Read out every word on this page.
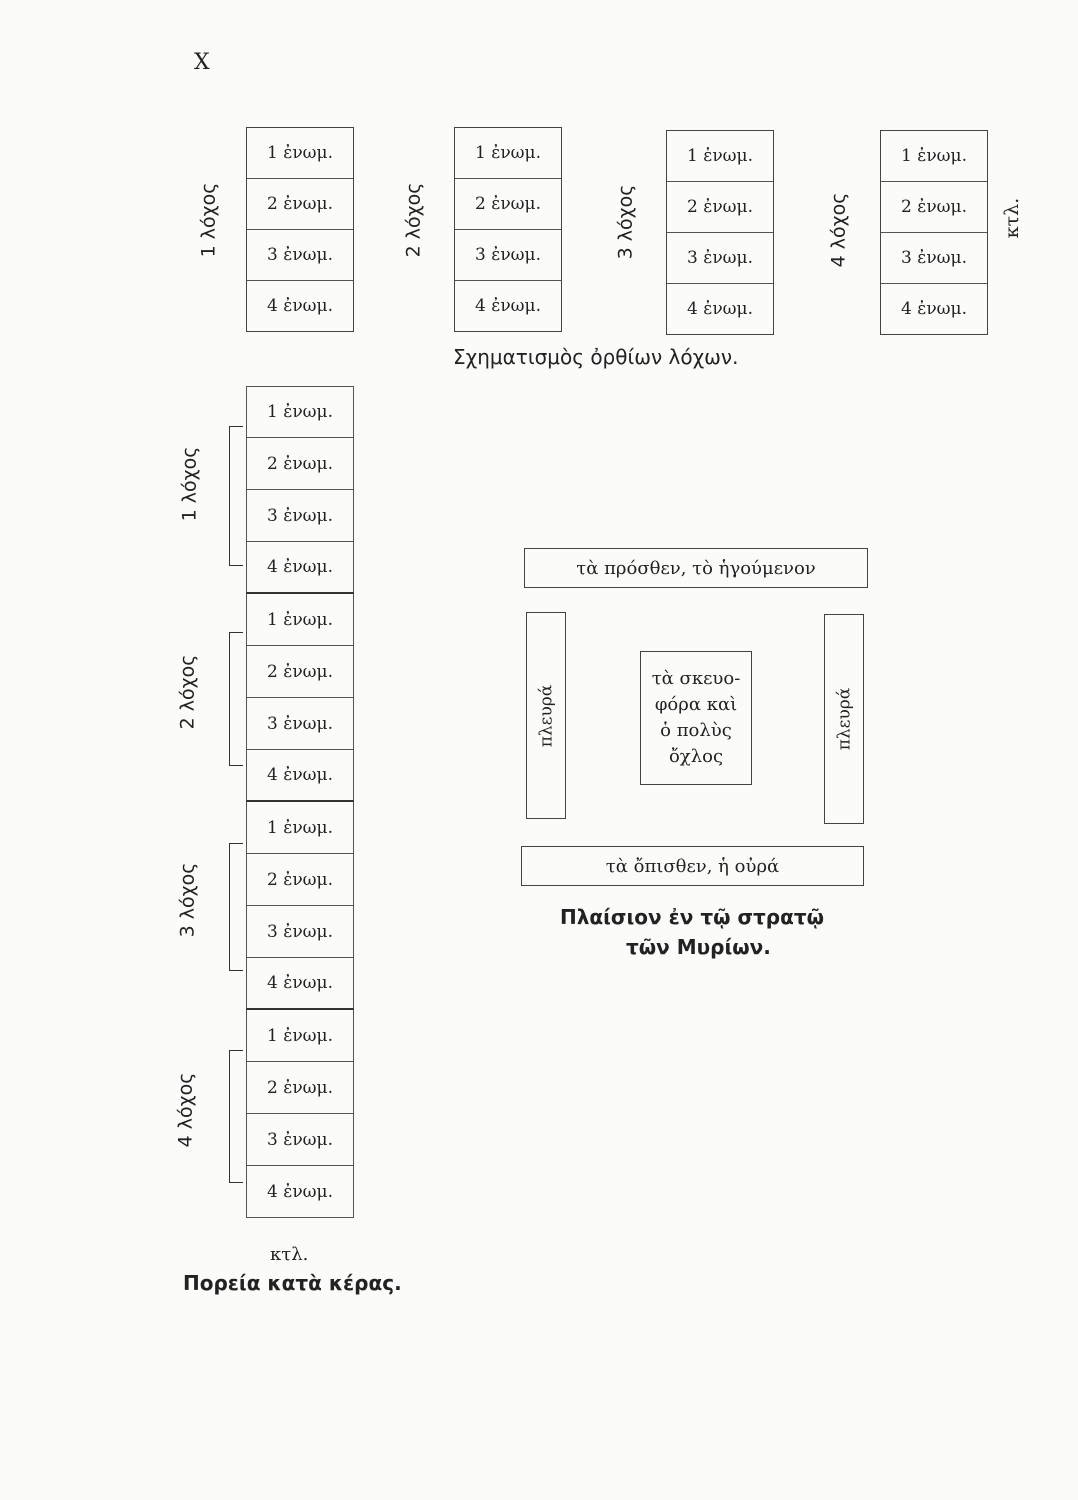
X
1 λόχος
1 ἐνωμ.
2 ἐνωμ.
3 ἐνωμ.
4 ἐνωμ.
2 λόχος
1 ἐνωμ.
2 ἐνωμ.
3 ἐνωμ.
4 ἐνωμ.
3 λόχος
1 ἐνωμ.
2 ἐνωμ.
3 ἐνωμ.
4 ἐνωμ.
4 λόχος
1 ἐνωμ.
2 ἐνωμ.
3 ἐνωμ.
4 ἐνωμ.
κτλ.
Σχηματισμὸς ὀρθίων λόχων.
1 ἐνωμ.
2 ἐνωμ.
3 ἐνωμ.
4 ἐνωμ.
1 ἐνωμ.
2 ἐνωμ.
3 ἐνωμ.
4 ἐνωμ.
1 ἐνωμ.
2 ἐνωμ.
3 ἐνωμ.
4 ἐνωμ.
1 ἐνωμ.
2 ἐνωμ.
3 ἐνωμ.
4 ἐνωμ.
1 λόχος
2 λόχος
3 λόχος
4 λόχος
κτλ.
Πορεία κατὰ κέρας.
τὰ πρόσθεν, τὸ ἡγούμενον
πλευρά
τὰ σκευο-
φόρα καὶ
ὁ πολὺς
ὄχλος
πλευρά
τὰ ὄπισθεν, ἡ οὐρά
Πλαίσιον ἐν τῷ στρατῷ
τῶν Μυρίων.
